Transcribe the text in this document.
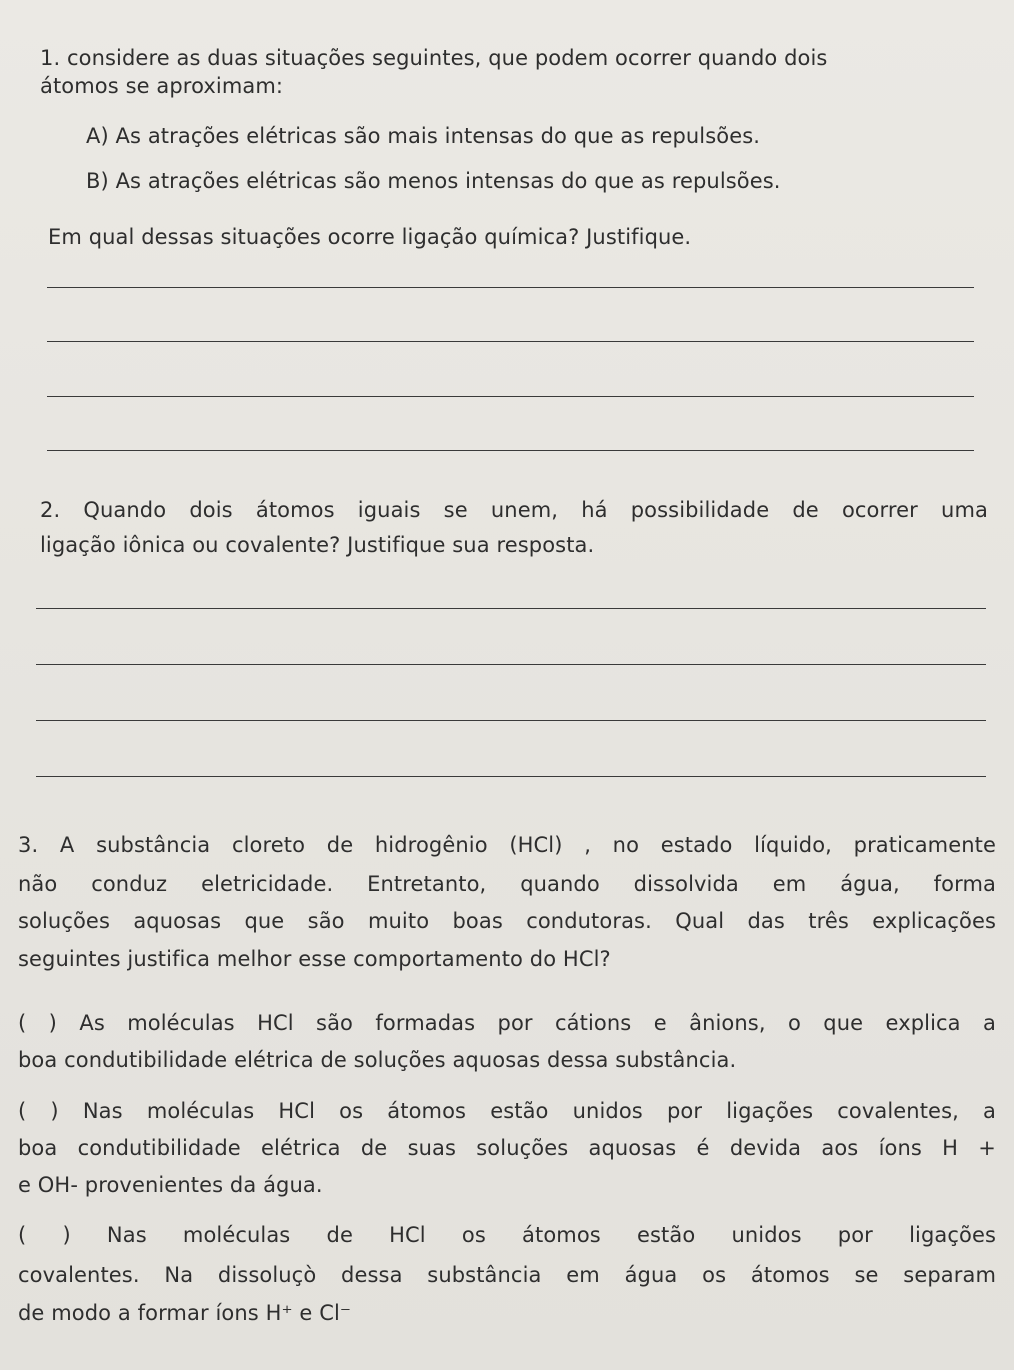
1. considere as duas situações seguintes, que podem ocorrer quando dois
átomos se aproximam:
A) As atrações elétricas são mais intensas do que as repulsões.
B) As atrações elétricas são menos intensas do que as repulsões.
Em qual dessas situações ocorre ligação química? Justifique.
2. Quando dois átomos iguais se unem, há possibilidade de ocorrer uma
ligação iônica ou covalente? Justifique sua resposta.
3. A substância cloreto de hidrogênio (HCl) , no estado líquido, praticamente
não conduz eletricidade. Entretanto, quando dissolvida em água, forma
soluções aquosas que são muito boas condutoras. Qual das três explicações
seguintes justifica melhor esse comportamento do HCl?
( ) As moléculas HCl são formadas por cátions e ânions, o que explica a
boa condutibilidade elétrica de soluções aquosas dessa substância.
( ) Nas moléculas HCl os átomos estão unidos por ligações covalentes, a
boa condutibilidade elétrica de suas soluções aquosas é devida aos íons H +
e OH- provenientes da água.
( ) Nas moléculas de HCl os átomos estão unidos por ligações
covalentes. Na dissoluçò dessa substância em água os átomos se separam
de modo a formar íons H⁺ e Cl⁻
